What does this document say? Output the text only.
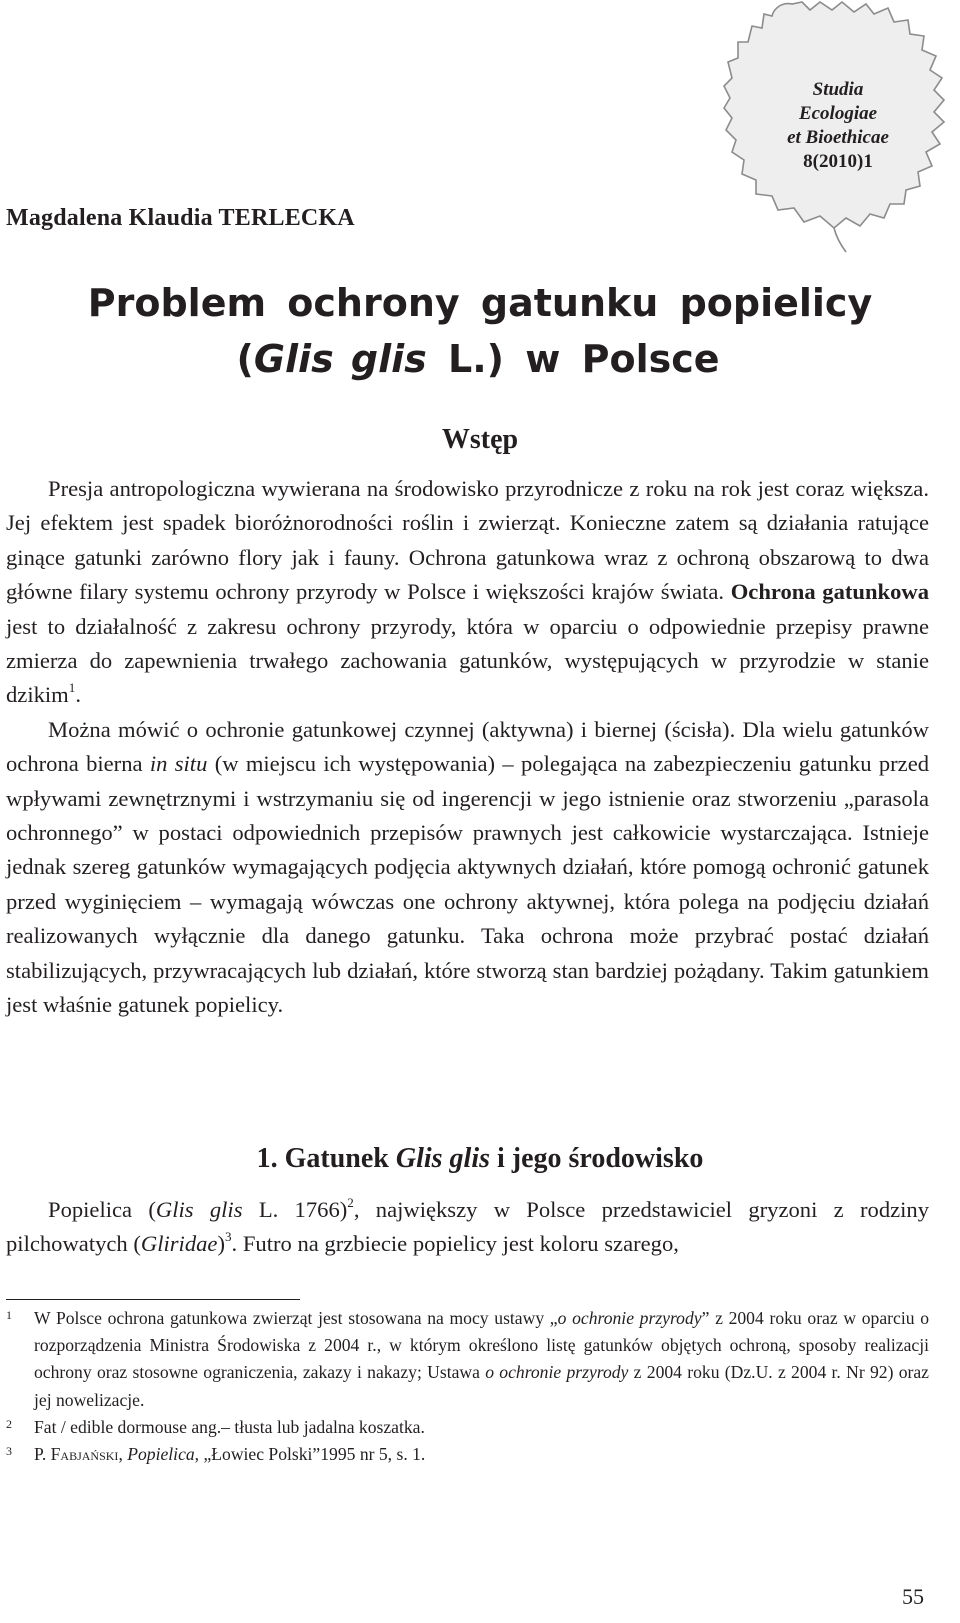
Studia
Ecologiae
et Bioethicae
8(2010)1
Magdalena Klaudia TERLECKA
Problem ochrony gatunku popielicy
(Glis glis L.) w Polsce
Wstęp

Presja antropologiczna wywierana na środowisko przyrodnicze z roku na rok jest coraz większa. Jej efektem jest spadek bioróżnorodności roślin i zwierząt. Konieczne zatem są działania ratujące ginące gatunki zarówno flory jak i fauny. Ochrona gatunkowa wraz z ochroną obszarową to dwa główne filary systemu ochrony przyrody w Polsce i większości krajów świata. Ochrona gatunkowa jest to działalność z zakresu ochrony przyrody, która w oparciu o odpowiednie przepisy prawne zmierza do zapewnienia trwałego zachowania gatunków, występujących w przyrodzie w stanie dzikim$^1$.

Można mówić o ochronie gatunkowej czynnej (aktywna) i biernej (ścisła). Dla wielu gatunków ochrona bierna in situ (w miejscu ich występowania) – polegająca na zabezpieczeniu gatunku przed wpływami zewnętrznymi i wstrzymaniu się od ingerencji w jego istnienie oraz stworzeniu „parasola ochronnego” w postaci odpowiednich przepisów prawnych jest całkowicie wystarczająca. Istnieje jednak szereg gatunków wymagających podjęcia aktywnych działań, które pomogą ochronić gatunek przed wyginięciem – wymagają wówczas one ochrony aktywnej, która polega na podjęciu działań realizowanych wyłącznie dla danego gatunku. Taka ochrona może przybrać postać działań stabilizujących, przywracających lub działań, które stworzą stan bardziej pożądany. Takim gatunkiem jest właśnie gatunek popielicy.

1. Gatunek Glis glis i jego środowisko

Popielica (Glis glis L. 1766)$^2$, największy w Polsce przedstawiciel gryzoni z rodziny pilchowatych (Gliridae)$^3$. Futro na grzbiecie popielicy jest koloru szarego,

1 W Polsce ochrona gatunkowa zwierząt jest stosowana na mocy ustawy „o ochronie przyrody” z 2004 roku oraz w oparciu o rozporządzenia Ministra Środowiska z 2004 r., w którym określono listę gatunków objętych ochroną, sposoby realizacji ochrony oraz stosowne ograniczenia, zakazy i nakazy; Ustawa o ochronie przyrody z 2004 roku (Dz.U. z 2004 r. Nr 92) oraz jej nowelizacje.
2 Fat / edible dormouse ang.– tłusta lub jadalna koszatka.
3 P. Fabjański, Popielica, „Łowiec Polski”1995 nr 5, s. 1.
55
